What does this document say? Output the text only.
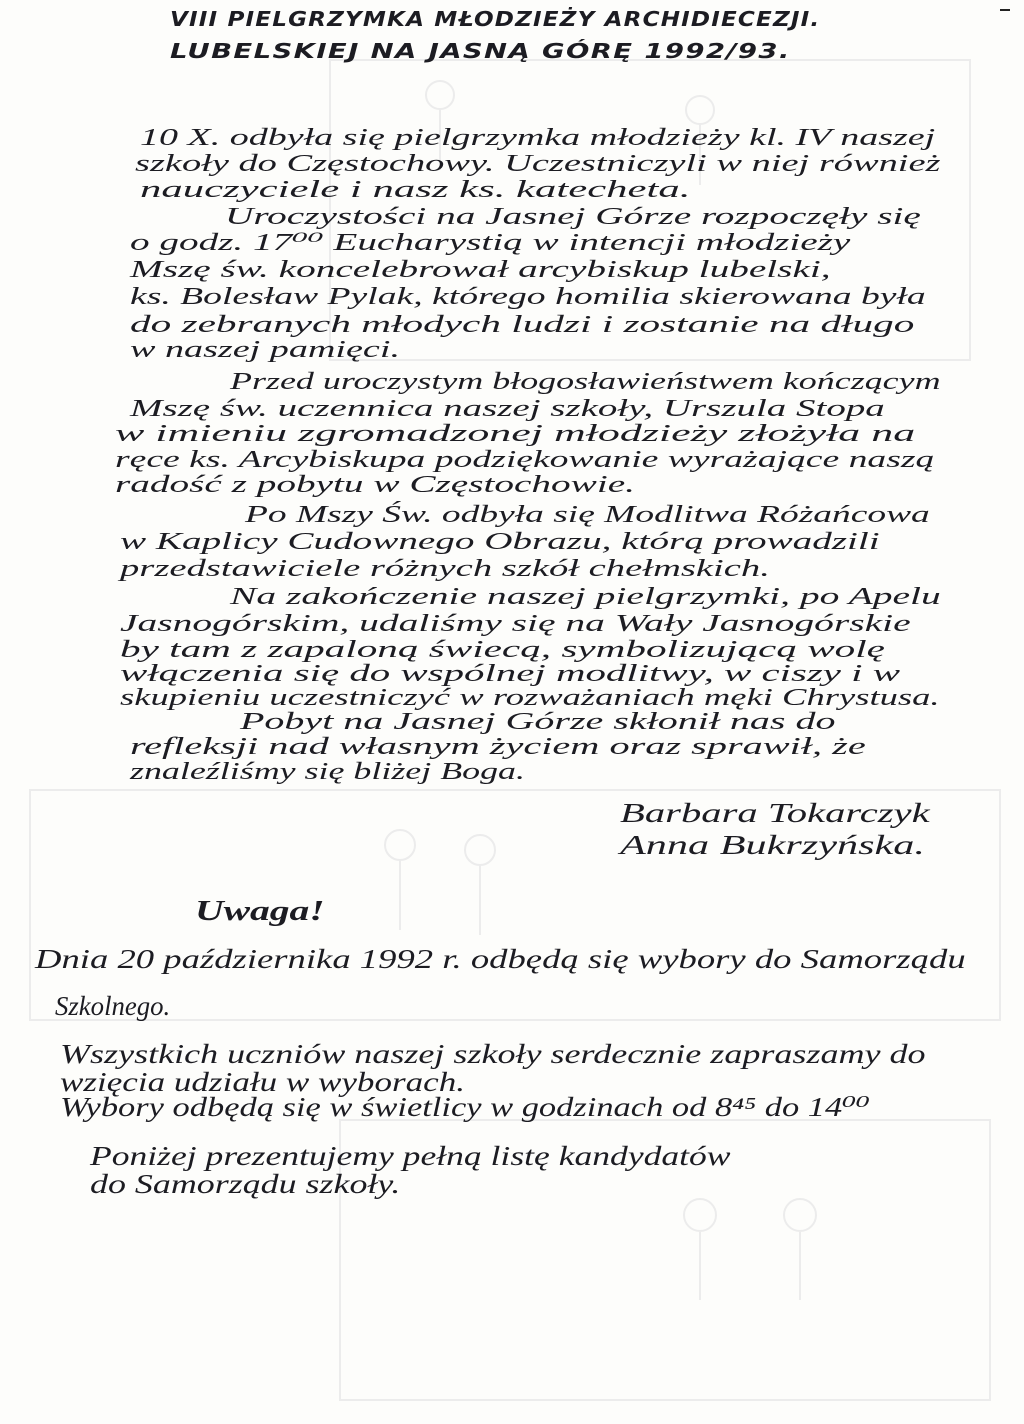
VIII PIELGRZYMKA MŁODZIEŻY ARCHIDIECEZJI.
LUBELSKIEJ NA JASNĄ GÓRĘ 1992/93.
10 X. odbyła się pielgrzymka młodzieży kl. IV naszej
szkoły do Częstochowy. Uczestniczyli w niej również
nauczyciele i nasz ks. katecheta.
Uroczystości na Jasnej Górze rozpoczęły się
o godz. 17⁰⁰ Eucharystią w intencji młodzieży
Mszę św. koncelebrował arcybiskup lubelski,
ks. Bolesław Pylak, którego homilia skierowana była
do zebranych młodych ludzi i zostanie na długo
w naszej pamięci.
Przed uroczystym błogosławieństwem kończącym
Mszę św. uczennica naszej szkoły, Urszula Stopa
w imieniu zgromadzonej młodzieży złożyła na
ręce ks. Arcybiskupa podziękowanie wyrażające naszą
radość z pobytu w Częstochowie.
Po Mszy Św. odbyła się Modlitwa Różańcowa
w Kaplicy Cudownego Obrazu, którą prowadzili
przedstawiciele różnych szkół chełmskich.
Na zakończenie naszej pielgrzymki, po Apelu
Jasnogórskim, udaliśmy się na Wały Jasnogórskie
by tam z zapaloną świecą, symbolizującą wolę
włączenia się do wspólnej modlitwy, w ciszy i w
skupieniu uczestniczyć w rozważaniach męki Chrystusa.
Pobyt na Jasnej Górze skłonił nas do
refleksji nad własnym życiem oraz sprawił, że
znaleźliśmy się bliżej Boga.
Barbara Tokarczyk
Anna Bukrzyńska.
Uwaga!
Dnia 20 października 1992 r. odbędą się wybory do Samorządu
Szkolnego.
Wszystkich uczniów naszej szkoły serdecznie zapraszamy do
wzięcia udziału w wyborach.
Wybory odbędą się w świetlicy w godzinach od 8⁴⁵ do 14⁰⁰
Poniżej prezentujemy pełną listę kandydatów
do Samorządu szkoły.
